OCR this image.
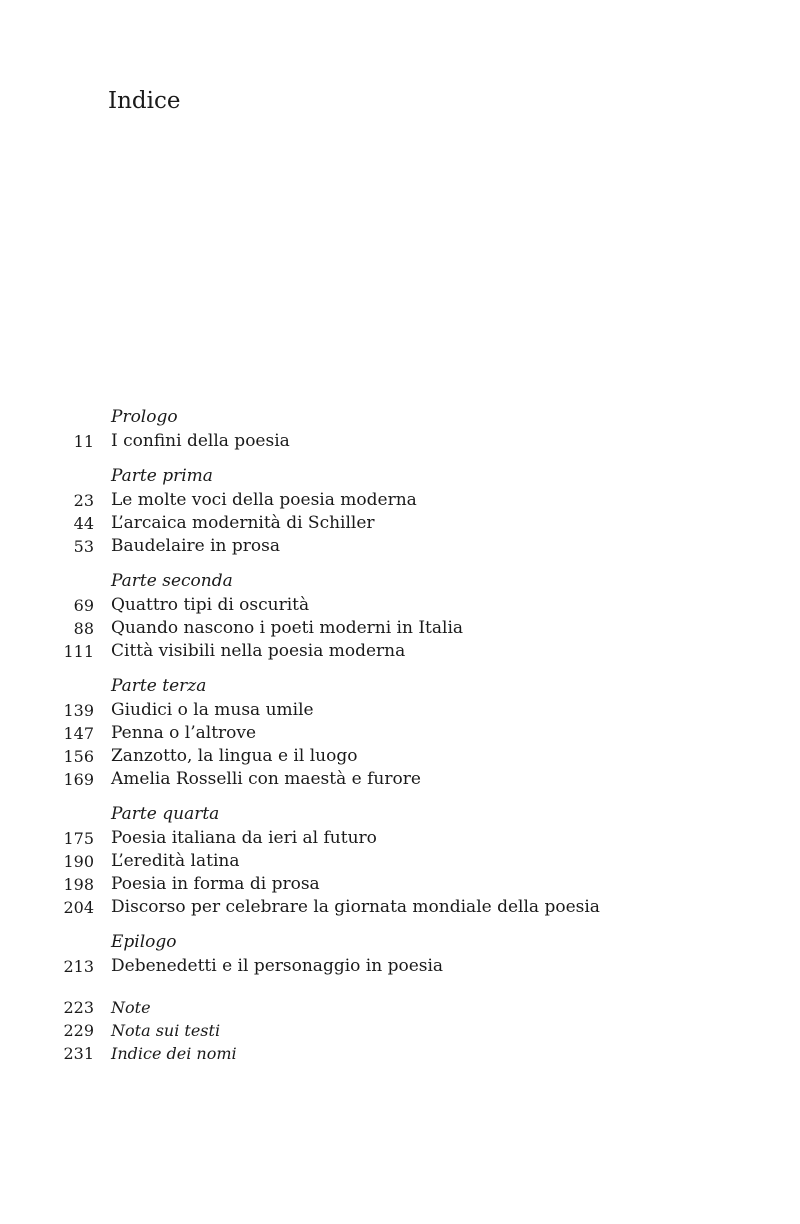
Indice
Prologo
11 I confini della poesia
Parte prima
23 Le molte voci della poesia moderna
44 L’arcaica modernità di Schiller
53 Baudelaire in prosa
Parte seconda
69 Quattro tipi di oscurità
88 Quando nascono i poeti moderni in Italia
111 Città visibili nella poesia moderna
Parte terza
139 Giudici o la musa umile
147 Penna o l’altrove
156 Zanzotto, la lingua e il luogo
169 Amelia Rosselli con maestà e furore
Parte quarta
175 Poesia italiana da ieri al futuro
190 L’eredità latina
198 Poesia in forma di prosa
204 Discorso per celebrare la giornata mondiale della poesia
Epilogo
213 Debenedetti e il personaggio in poesia
223 Note
229 Nota sui testi
231 Indice dei nomi
